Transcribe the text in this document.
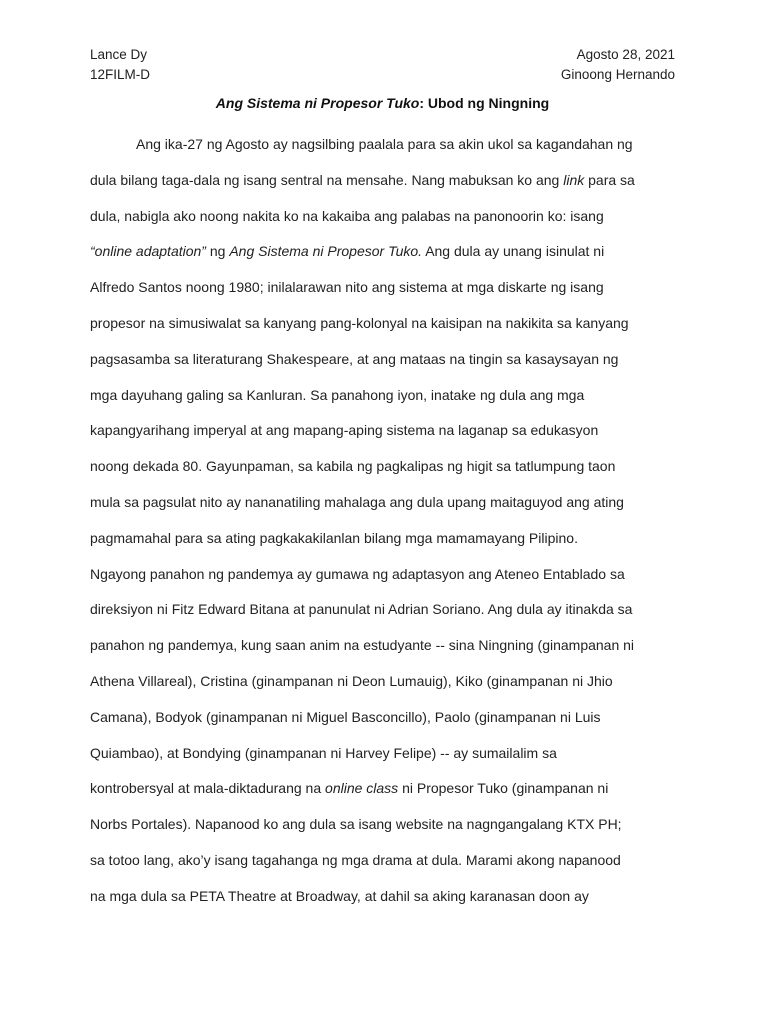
Lance Dy	Agosto 28, 2021
12FILM-D	Ginoong Hernando
Ang Sistema ni Propesor Tuko: Ubod ng Ningning
Ang ika-27 ng Agosto ay nagsilbing paalala para sa akin ukol sa kagandahan ng
dula bilang taga-dala ng isang sentral na mensahe. Nang mabuksan ko ang link para sa
dula, nabigla ako noong nakita ko na kakaiba ang palabas na panonoorin ko: isang
“online adaptation” ng Ang Sistema ni Propesor Tuko. Ang dula ay unang isinulat ni
Alfredo Santos noong 1980; inilalarawan nito ang sistema at mga diskarte ng isang
propesor na simusiwalat sa kanyang pang-kolonyal na kaisipan na nakikita sa kanyang
pagsasamba sa literaturang Shakespeare, at ang mataas na tingin sa kasaysayan ng
mga dayuhang galing sa Kanluran. Sa panahong iyon, inatake ng dula ang mga
kapangyarihang imperyal at ang mapang-aping sistema na laganap sa edukasyon
noong dekada 80. Gayunpaman, sa kabila ng pagkalipas ng higit sa tatlumpung taon
mula sa pagsulat nito ay nananatiling mahalaga ang dula upang maitaguyod ang ating
pagmamahal para sa ating pagkakakilanlan bilang mga mamamayang Pilipino.
Ngayong panahon ng pandemya ay gumawa ng adaptasyon ang Ateneo Entablado sa
direksiyon ni Fitz Edward Bitana at panunulat ni Adrian Soriano. Ang dula ay itinakda sa
panahon ng pandemya, kung saan anim na estudyante -- sina Ningning (ginampanan ni
Athena Villareal), Cristina (ginampanan ni Deon Lumauig), Kiko (ginampanan ni Jhio
Camana), Bodyok (ginampanan ni Miguel Basconcillo), Paolo (ginampanan ni Luis
Quiambao), at Bondying (ginampanan ni Harvey Felipe) -- ay sumailalim sa
kontrobersyal at mala-diktadurang na online class ni Propesor Tuko (ginampanan ni
Norbs Portales). Napanood ko ang dula sa isang website na nagngangalang KTX PH;
sa totoo lang, ako’y isang tagahanga ng mga drama at dula. Marami akong napanood
na mga dula sa PETA Theatre at Broadway, at dahil sa aking karanasan doon ay
